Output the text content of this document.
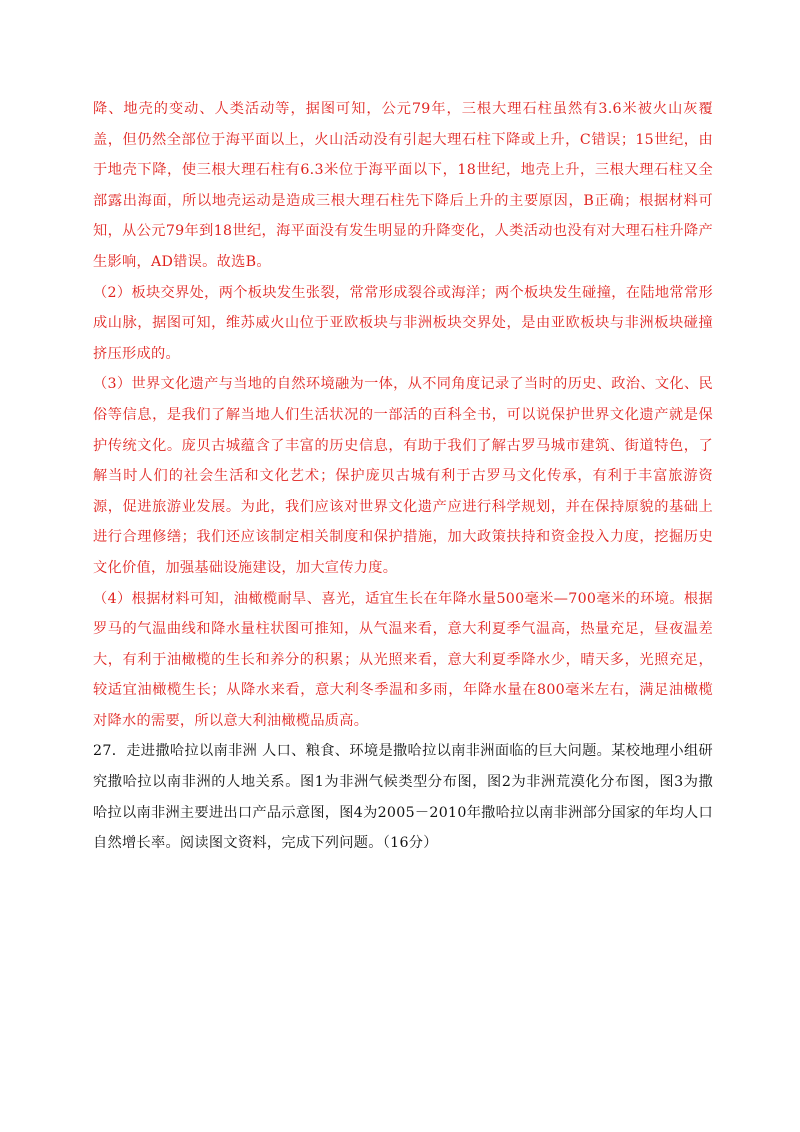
降、地壳的变动、人类活动等，据图可知，公元79年，三根大理石柱虽然有3.6米被火山灰覆盖，但仍然全部位于海平面以上，火山活动没有引起大理石柱下降或上升，C错误；15世纪，由于地壳下降，使三根大理石柱有6.3米位于海平面以下，18世纪，地壳上升，三根大理石柱又全部露出海面，所以地壳运动是造成三根大理石柱先下降后上升的主要原因，B正确；根据材料可知，从公元79年到18世纪，海平面没有发生明显的升降变化，人类活动也没有对大理石柱升降产生影响，AD错误。故选B。

（2）板块交界处，两个板块发生张裂，常常形成裂谷或海洋；两个板块发生碰撞，在陆地常常形成山脉，据图可知，维苏威火山位于亚欧板块与非洲板块交界处，是由亚欧板块与非洲板块碰撞挤压形成的。

（3）世界文化遗产与当地的自然环境融为一体，从不同角度记录了当时的历史、政治、文化、民俗等信息，是我们了解当地人们生活状况的一部活的百科全书，可以说保护世界文化遗产就是保护传统文化。庞贝古城蕴含了丰富的历史信息，有助于我们了解古罗马城市建筑、街道特色，了解当时人们的社会生活和文化艺术；保护庞贝古城有利于古罗马文化传承，有利于丰富旅游资源，促进旅游业发展。为此，我们应该对世界文化遗产应进行科学规划，并在保持原貌的基础上进行合理修缮；我们还应该制定相关制度和保护措施，加大政策扶持和资金投入力度，挖掘历史文化价值，加强基础设施建设，加大宣传力度。

（4）根据材料可知，油橄榄耐旱、喜光，适宜生长在年降水量500毫米—700毫米的环境。根据罗马的气温曲线和降水量柱状图可推知，从气温来看，意大利夏季气温高，热量充足，昼夜温差大，有利于油橄榄的生长和养分的积累；从光照来看，意大利夏季降水少，晴天多，光照充足，较适宜油橄榄生长；从降水来看，意大利冬季温和多雨，年降水量在800毫米左右，满足油橄榄对降水的需要，所以意大利油橄榄品质高。

27．走进撒哈拉以南非洲 人口、粮食、环境是撒哈拉以南非洲面临的巨大问题。某校地理小组研究撒哈拉以南非洲的人地关系。图1为非洲气候类型分布图，图2为非洲荒漠化分布图，图3为撒哈拉以南非洲主要进出口产品示意图，图4为2005－2010年撒哈拉以南非洲部分国家的年均人口自然增长率。阅读图文资料，完成下列问题。（16分）
